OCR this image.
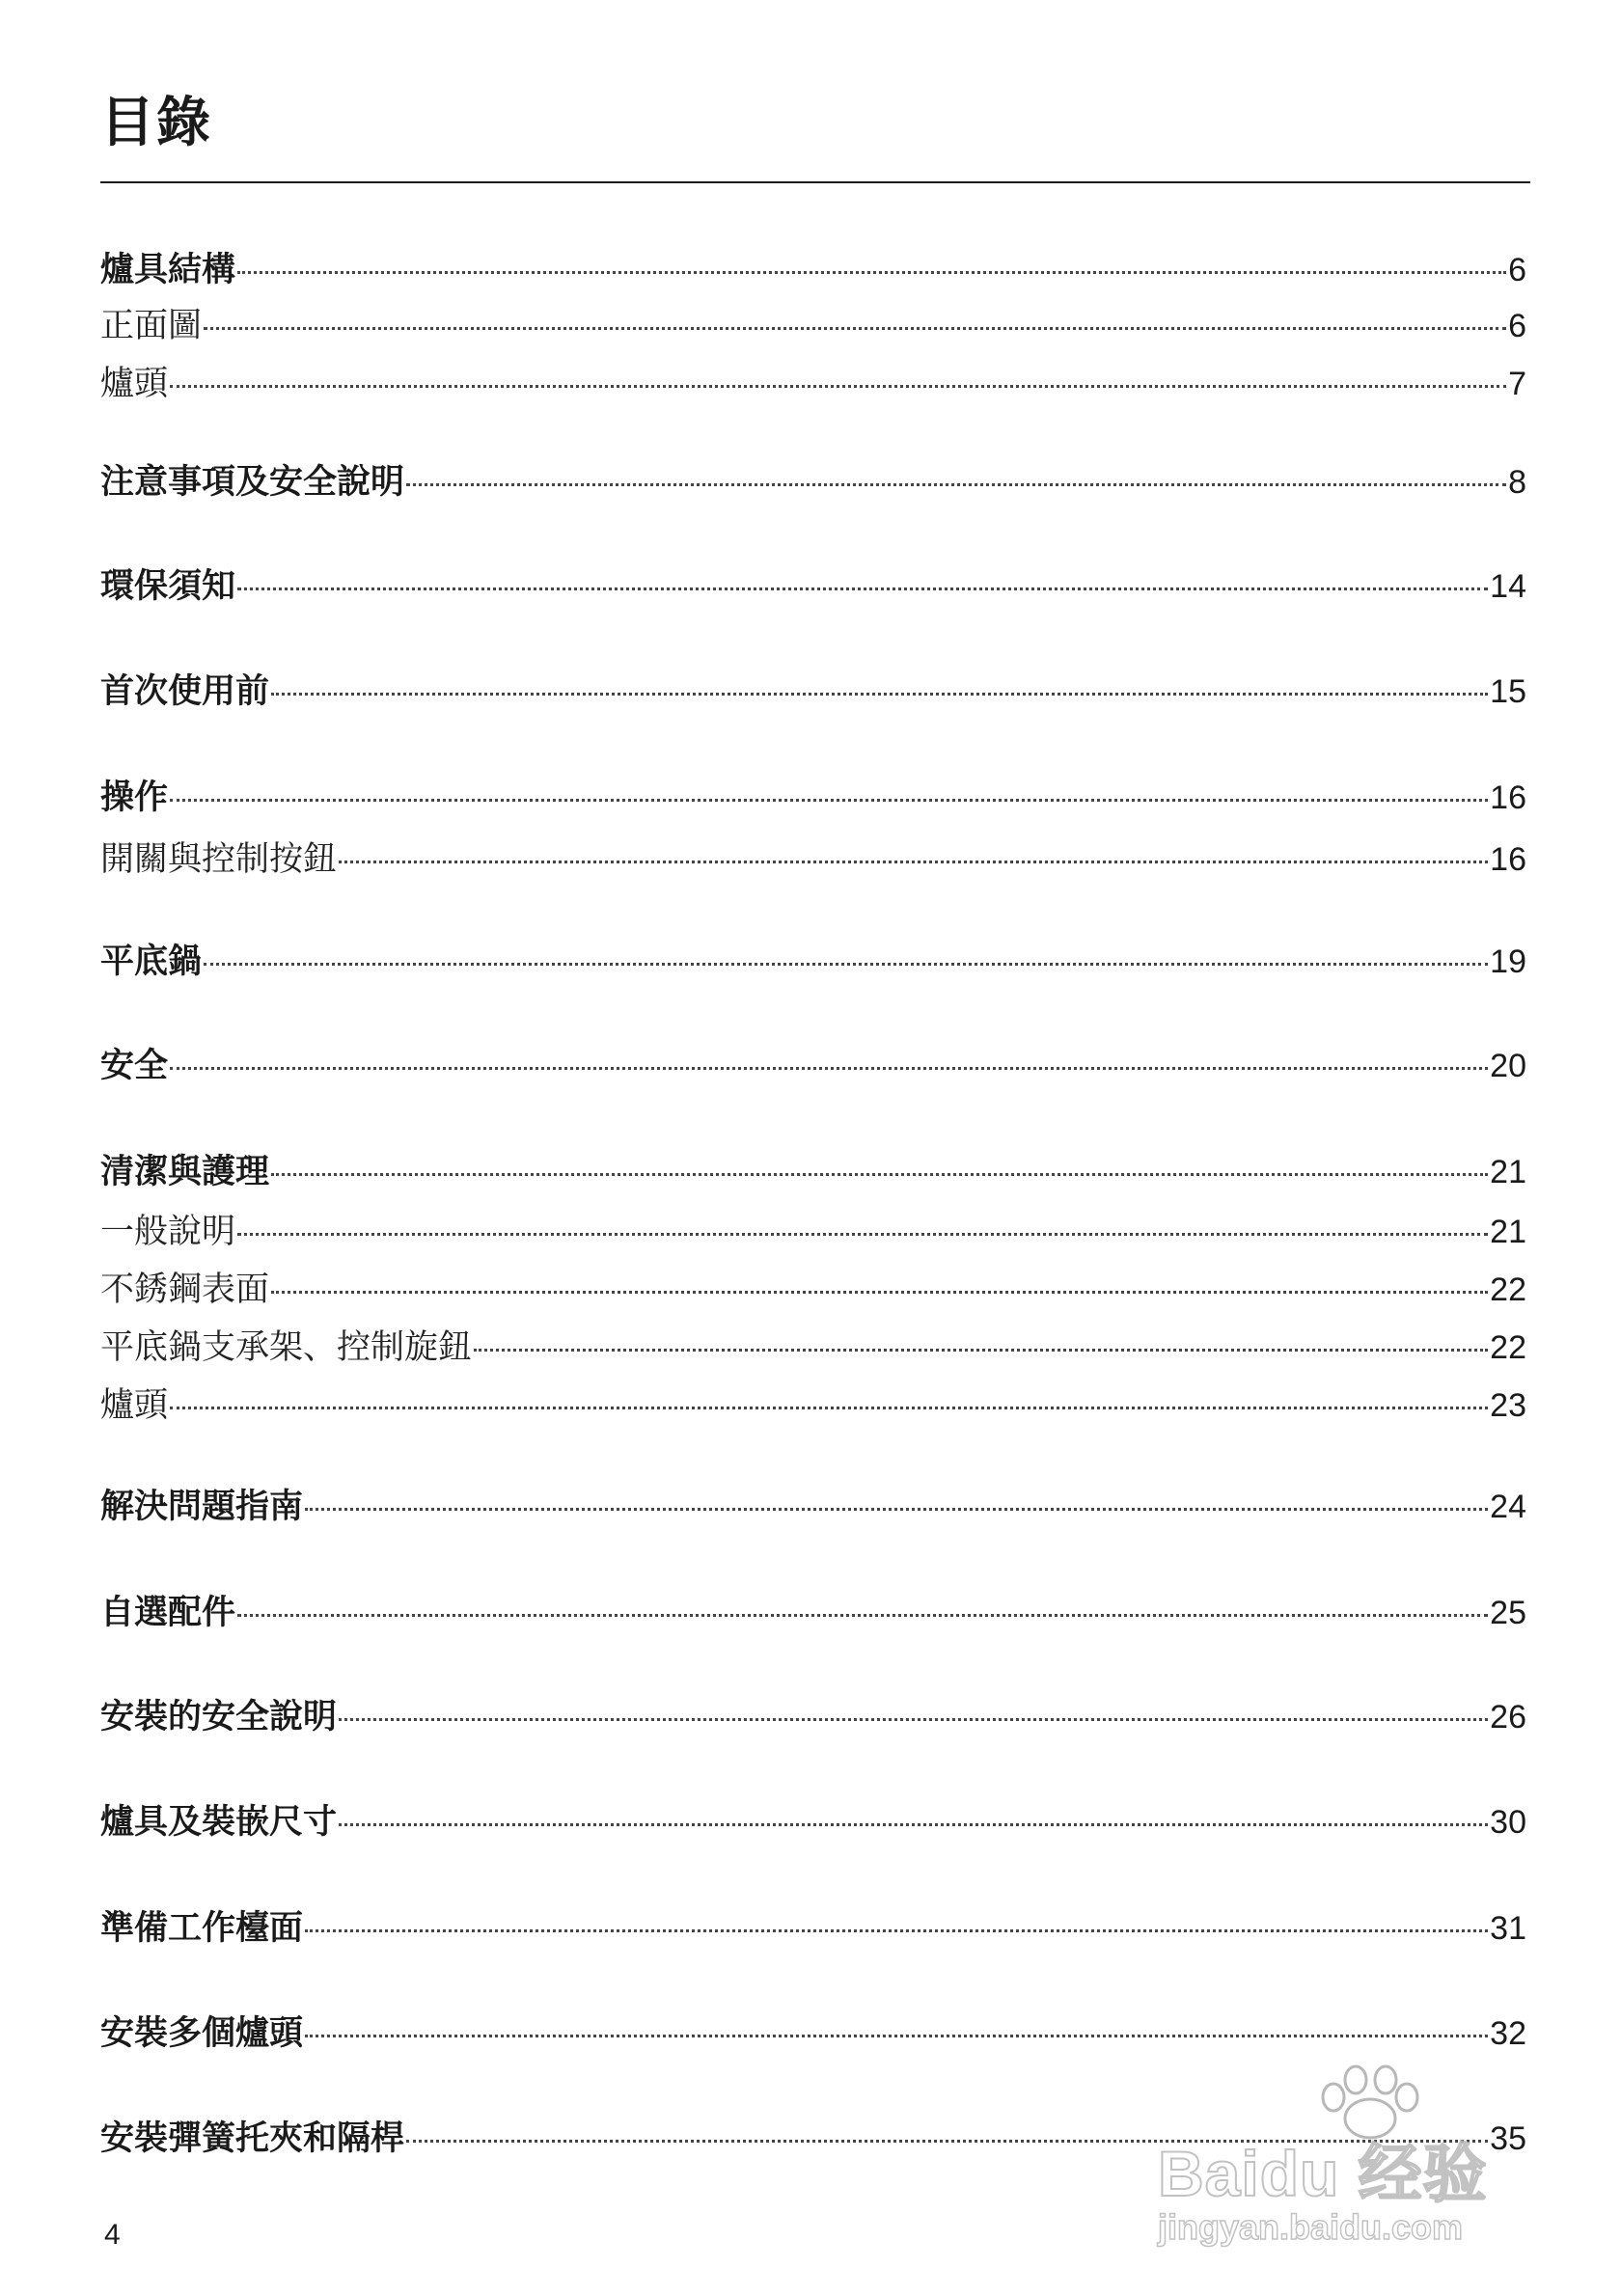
目錄
爐具結構	6
正面圖	6
爐頭	7
注意事項及安全說明	8
環保須知	14
首次使用前	15
操作	16
開關與控制按鈕	16
平底鍋	19
安全	20
清潔與護理	21
一般說明	21
不銹鋼表面	22
平底鍋支承架、控制旋鈕	22
爐頭	23
解決問題指南	24
自選配件	25
安裝的安全說明	26
爐具及裝嵌尺寸	30
準備工作檯面	31
安裝多個爐頭	32
安裝彈簧托夾和隔桿	35
4
Baidu 经验
jingyan.baidu.com
